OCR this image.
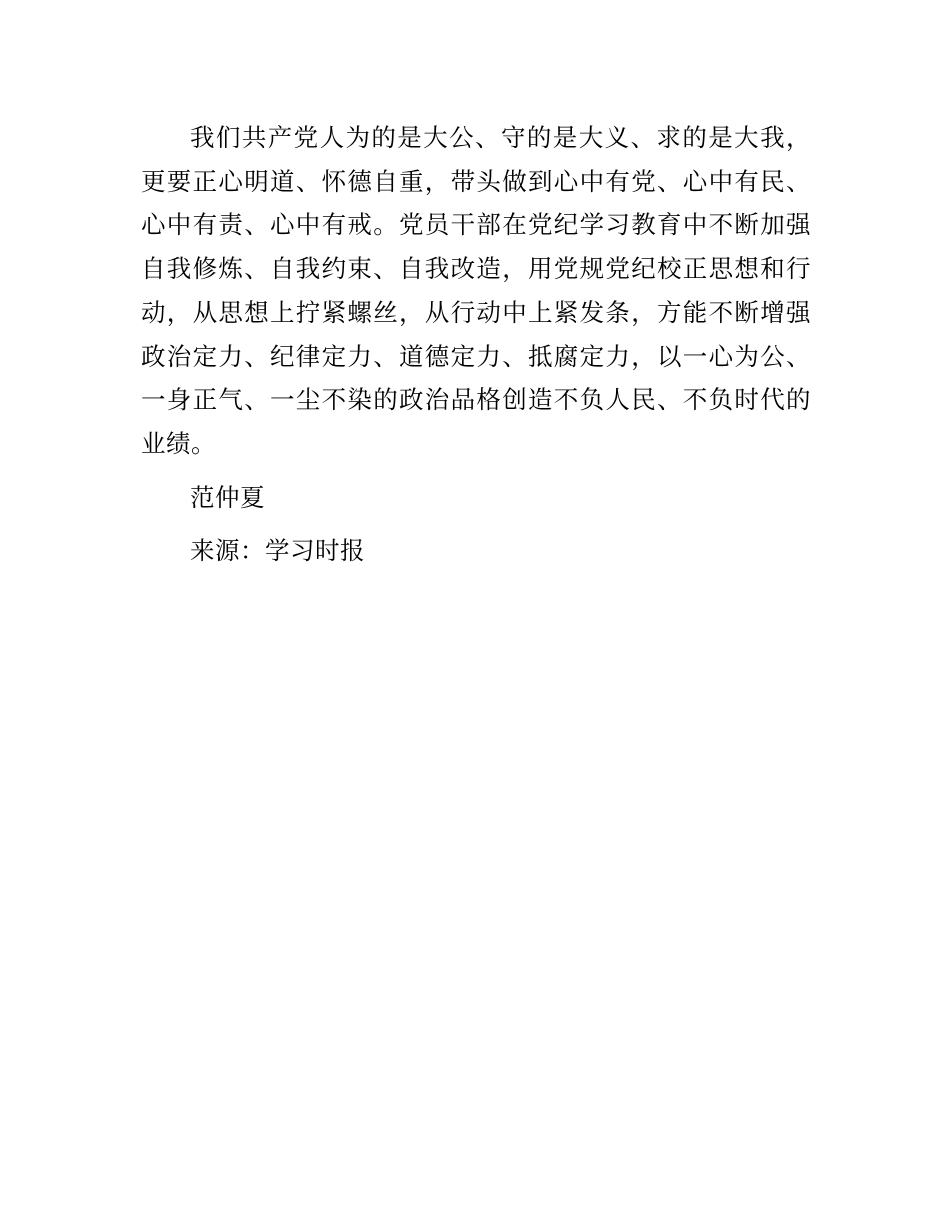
我们共产党人为的是大公、守的是大义、求的是大我，更要正心明道、怀德自重，带头做到心中有党、心中有民、心中有责、心中有戒。党员干部在党纪学习教育中不断加强自我修炼、自我约束、自我改造，用党规党纪校正思想和行动，从思想上拧紧螺丝，从行动中上紧发条，方能不断增强政治定力、纪律定力、道德定力、抵腐定力，以一心为公、一身正气、一尘不染的政治品格创造不负人民、不负时代的业绩。

范仲夏

来源：学习时报
